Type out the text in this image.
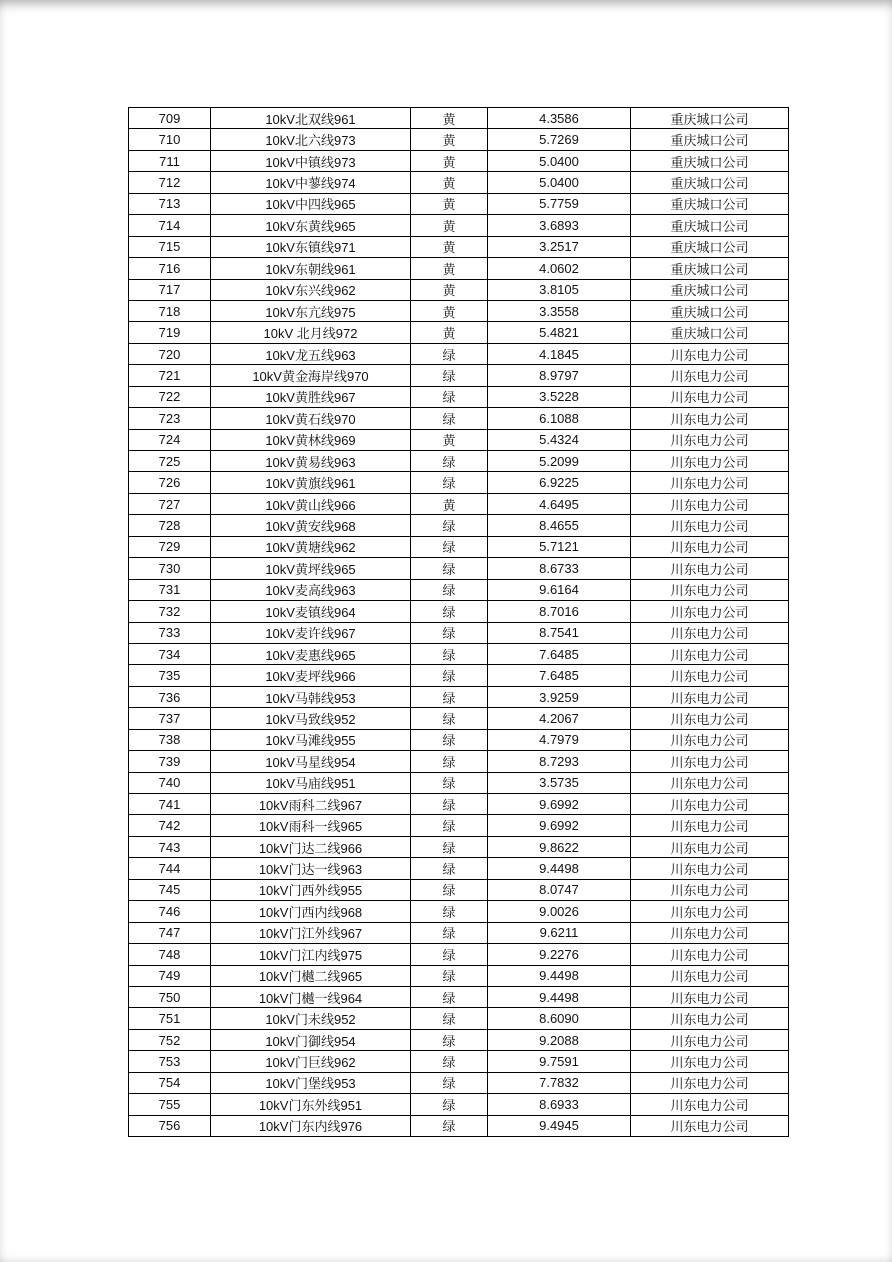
709	10kV北双线961	黄	4.3586	重庆城口公司
710	10kV北六线973	黄	5.7269	重庆城口公司
711	10kV中镇线973	黄	5.0400	重庆城口公司
712	10kV中蓼线974	黄	5.0400	重庆城口公司
713	10kV中四线965	黄	5.7759	重庆城口公司
714	10kV东黄线965	黄	3.6893	重庆城口公司
715	10kV东镇线971	黄	3.2517	重庆城口公司
716	10kV东朝线961	黄	4.0602	重庆城口公司
717	10kV东兴线962	黄	3.8105	重庆城口公司
718	10kV东亢线975	黄	3.3558	重庆城口公司
719	10kV 北月线972	黄	5.4821	重庆城口公司
720	10kV龙五线963	绿	4.1845	川东电力公司
721	10kV黄金海岸线970	绿	8.9797	川东电力公司
722	10kV黄胜线967	绿	3.5228	川东电力公司
723	10kV黄石线970	绿	6.1088	川东电力公司
724	10kV黄林线969	黄	5.4324	川东电力公司
725	10kV黄易线963	绿	5.2099	川东电力公司
726	10kV黄旗线961	绿	6.9225	川东电力公司
727	10kV黄山线966	黄	4.6495	川东电力公司
728	10kV黄安线968	绿	8.4655	川东电力公司
729	10kV黄塘线962	绿	5.7121	川东电力公司
730	10kV黄坪线965	绿	8.6733	川东电力公司
731	10kV麦高线963	绿	9.6164	川东电力公司
732	10kV麦镇线964	绿	8.7016	川东电力公司
733	10kV麦许线967	绿	8.7541	川东电力公司
734	10kV麦惠线965	绿	7.6485	川东电力公司
735	10kV麦坪线966	绿	7.6485	川东电力公司
736	10kV马韩线953	绿	3.9259	川东电力公司
737	10kV马致线952	绿	4.2067	川东电力公司
738	10kV马滩线955	绿	4.7979	川东电力公司
739	10kV马星线954	绿	8.7293	川东电力公司
740	10kV马庙线951	绿	3.5735	川东电力公司
741	10kV雨科二线967	绿	9.6992	川东电力公司
742	10kV雨科一线965	绿	9.6992	川东电力公司
743	10kV门达二线966	绿	9.8622	川东电力公司
744	10kV门达一线963	绿	9.4498	川东电力公司
745	10kV门西外线955	绿	8.0747	川东电力公司
746	10kV门西内线968	绿	9.0026	川东电力公司
747	10kV门江外线967	绿	9.6211	川东电力公司
748	10kV门江内线975	绿	9.2276	川东电力公司
749	10kV门樾二线965	绿	9.4498	川东电力公司
750	10kV门樾一线964	绿	9.4498	川东电力公司
751	10kV门未线952	绿	8.6090	川东电力公司
752	10kV门御线954	绿	9.2088	川东电力公司
753	10kV门巨线962	绿	9.7591	川东电力公司
754	10kV门堡线953	绿	7.7832	川东电力公司
755	10kV门东外线951	绿	8.6933	川东电力公司
756	10kV门东内线976	绿	9.4945	川东电力公司
